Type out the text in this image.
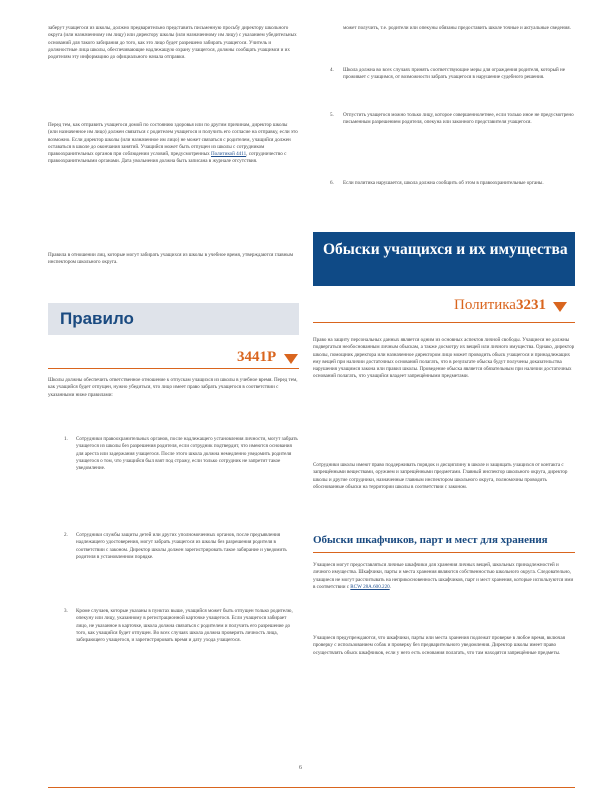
заберут учащегося из школы, должно предварительно представить письменную просьбу директору школьного округа (или назначенному им лицу) или директору школы (или назначенному им лицу) с указанием убедительных оснований для такого забирания до того, как это лицо будет разрешено забирать учащегося. Учитель и должностные лица школы, обеспечивающие надлежащую охрану учащегося, должны сообщать учащимся и их родителям эту информацию до официального начала отправки.
Перед тем, как отправить учащегося домой по состоянию здоровья или по другим причинам, директор школы (или назначенное им лицо) должен связаться с родителем учащегося и получить его согласие на отправку, если это возможно. Если директор школы (или назначенное им лицо) не может связаться с родителем, учащийся должен оставаться в школе до окончания занятий. Учащийся может быть отпущен из школы с сотрудником правоохранительных органов при соблюдении условий, предусмотренных Политикой 4411, сотрудничество с правоохранительными органами. Дата увольнения должна быть записана в журнале отсутствия.
Правила в отношении лиц, которые могут забирать учащихся из школы в учебное время, утверждаются главным инспектором школьного округа.
Правило
3441P
Школы должны обеспечить ответственное отношение к отпускам учащихся из школы в учебное время. Перед тем, как учащийся будет отпущен, нужно убедиться, что лицо имеет право забрать учащегося в соответствии с указанными ниже правилами:
1. Сотрудники правоохранительных органов, после надлежащего установления личности, могут забрать учащегося из школы без разрешения родителя, если сотрудник подтвердит, что имеются основания для ареста или задержания учащегося. После этого школа должна немедленно уведомить родителя учащегося о том, что учащийся был взят под стражу, если только сотрудник не запретит такое уведомление.
2. Сотрудники службы защиты детей или других уполномоченных органов, после предъявления надлежащего удостоверения, могут забрать учащегося из школы без разрешения родителя в соответствии с законом. Директор школы должен зарегистрировать такое забирание и уведомить родителя в установленном порядке.
3. Кроме случаев, которые указаны в пунктах выше, учащийся может быть отпущен только родителю, опекуну или лицу, указанному в регистрационной карточке учащегося. Если учащегося забирает лицо, не указанное в карточке, школа должна связаться с родителем и получить его разрешение до того, как учащийся будет отпущен. Во всех случаях школа должна проверить личность лица, забирающего учащегося, и зарегистрировать время и дату ухода учащегося.
может получить, т.е. родители или опекуны обязаны предоставить школе точные и актуальные сведения.
4. Школа должна во всех случаях принять соответствующие меры для ограждения родителя, который не проживает с учащимся, от возможности забрать учащегося в нарушение судебного решения.
5. Отпустить учащегося можно только лицу, которое совершеннолетнее, если только иное не предусмотрено письменным разрешением родителя, опекуна или законного представителя учащегося.
6. Если политика нарушается, школа должна сообщить об этом в правоохранительные органы.
Обыски учащихся и их имущества
Политика3231
Право на защиту персональных данных является одним из основных аспектов личной свободы. Учащиеся не должны подвергаться необоснованным личным обыскам, а также досмотру их вещей или личного имущества. Однако, директор школы, помощник директора или назначенное директором лицо может проводить обыск учащегося и принадлежащих ему вещей при наличии достаточных оснований полагать, что в результате обыска будут получены доказательства нарушения учащимся закона или правил школы. Проведение обыска является обязательным при наличии достаточных оснований полагать, что учащийся владеет запрещёнными предметами.
Сотрудники школы имеют право поддерживать порядок и дисциплину в школе и защищать учащихся от контакта с запрещёнными веществами, оружием и запрещёнными предметами. Главный инспектор школьного округа, директор школы и другие сотрудники, назначенные главным инспектором школьного округа, полномочны проводить обоснованные обыски на территории школы в соответствии с законом.
Обыски шкафчиков, парт и мест для хранения
Учащиеся могут предоставляться личные шкафчики для хранения личных вещей, школьных принадлежностей и личного имущества. Шкафчики, парты и места хранения являются собственностью школьного округа. Следовательно, учащиеся не могут рассчитывать на неприкосновенность шкафчиков, парт и мест хранения, которые используются ими в соответствии с RCW 28A.600.220.
Учащиеся предупреждаются, что шкафчики, парты или места хранения подлежат проверке в любое время, включая проверку с использованием собак и проверку без предварительного уведомления. Директор школы имеет право осуществлять обыск шкафчиков, если у него есть основания полагать, что там находятся запрещённые предметы.
6
